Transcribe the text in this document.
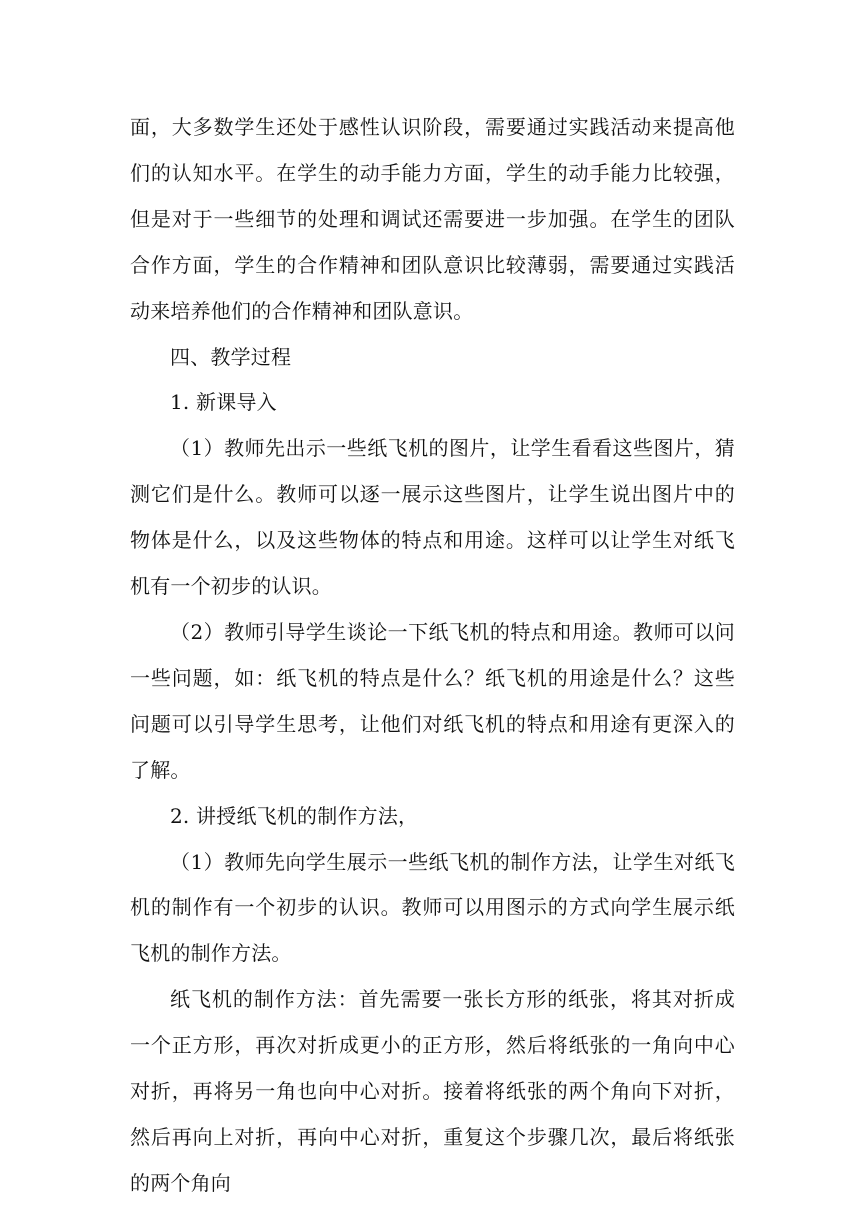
面，大多数学生还处于感性认识阶段，需要通过实践活动来提高他们的认知水平。在学生的动手能力方面，学生的动手能力比较强，但是对于一些细节的处理和调试还需要进一步加强。在学生的团队合作方面，学生的合作精神和团队意识比较薄弱，需要通过实践活动来培养他们的合作精神和团队意识。

四、教学过程

1. 新课导入

（1）教师先出示一些纸飞机的图片，让学生看看这些图片，猜测它们是什么。教师可以逐一展示这些图片，让学生说出图片中的物体是什么，以及这些物体的特点和用途。这样可以让学生对纸飞机有一个初步的认识。

（2）教师引导学生谈论一下纸飞机的特点和用途。教师可以问一些问题，如：纸飞机的特点是什么？纸飞机的用途是什么？这些问题可以引导学生思考，让他们对纸飞机的特点和用途有更深入的了解。

2. 讲授纸飞机的制作方法，

（1）教师先向学生展示一些纸飞机的制作方法，让学生对纸飞机的制作有一个初步的认识。教师可以用图示的方式向学生展示纸飞机的制作方法。

纸飞机的制作方法：首先需要一张长方形的纸张，将其对折成一个正方形，再次对折成更小的正方形，然后将纸张的一角向中心对折，再将另一角也向中心对折。接着将纸张的两个角向下对折，然后再向上对折，再向中心对折，重复这个步骤几次，最后将纸张的两个角向
